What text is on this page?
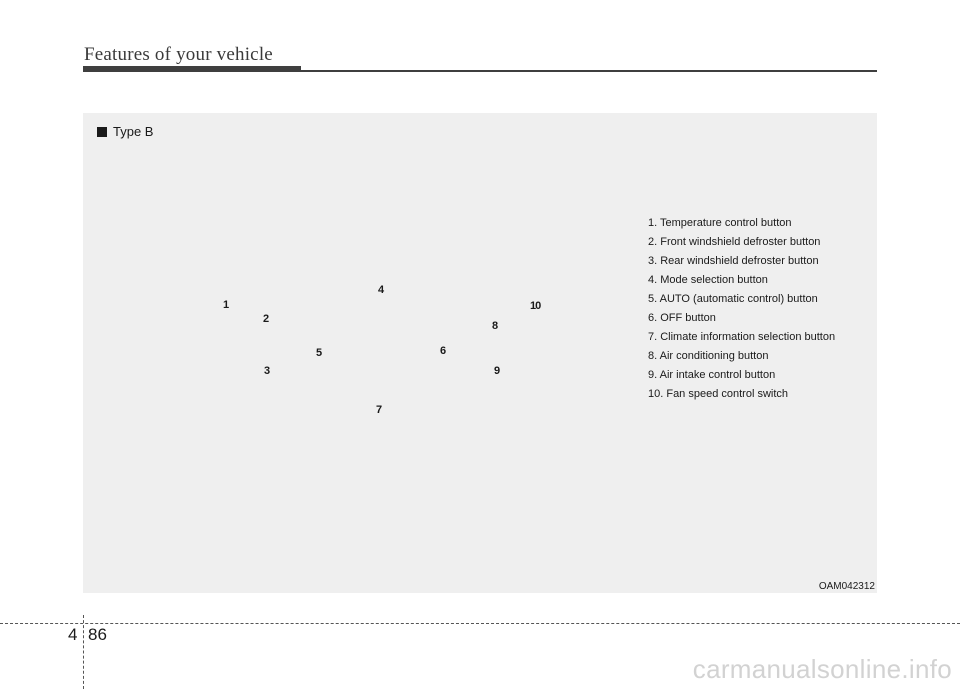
Features of your vehicle
Type B
1
2
3
4
5	6
7
8
9
10
1. Temperature control button
2. Front windshield defroster button
3. Rear windshield defroster button
4. Mode selection button
5. AUTO (automatic control) button
6. OFF button
7. Climate information selection button
8. Air conditioning button
9. Air intake control button
10. Fan speed control switch
OAM042312
4 86
carmanualsonline.info
